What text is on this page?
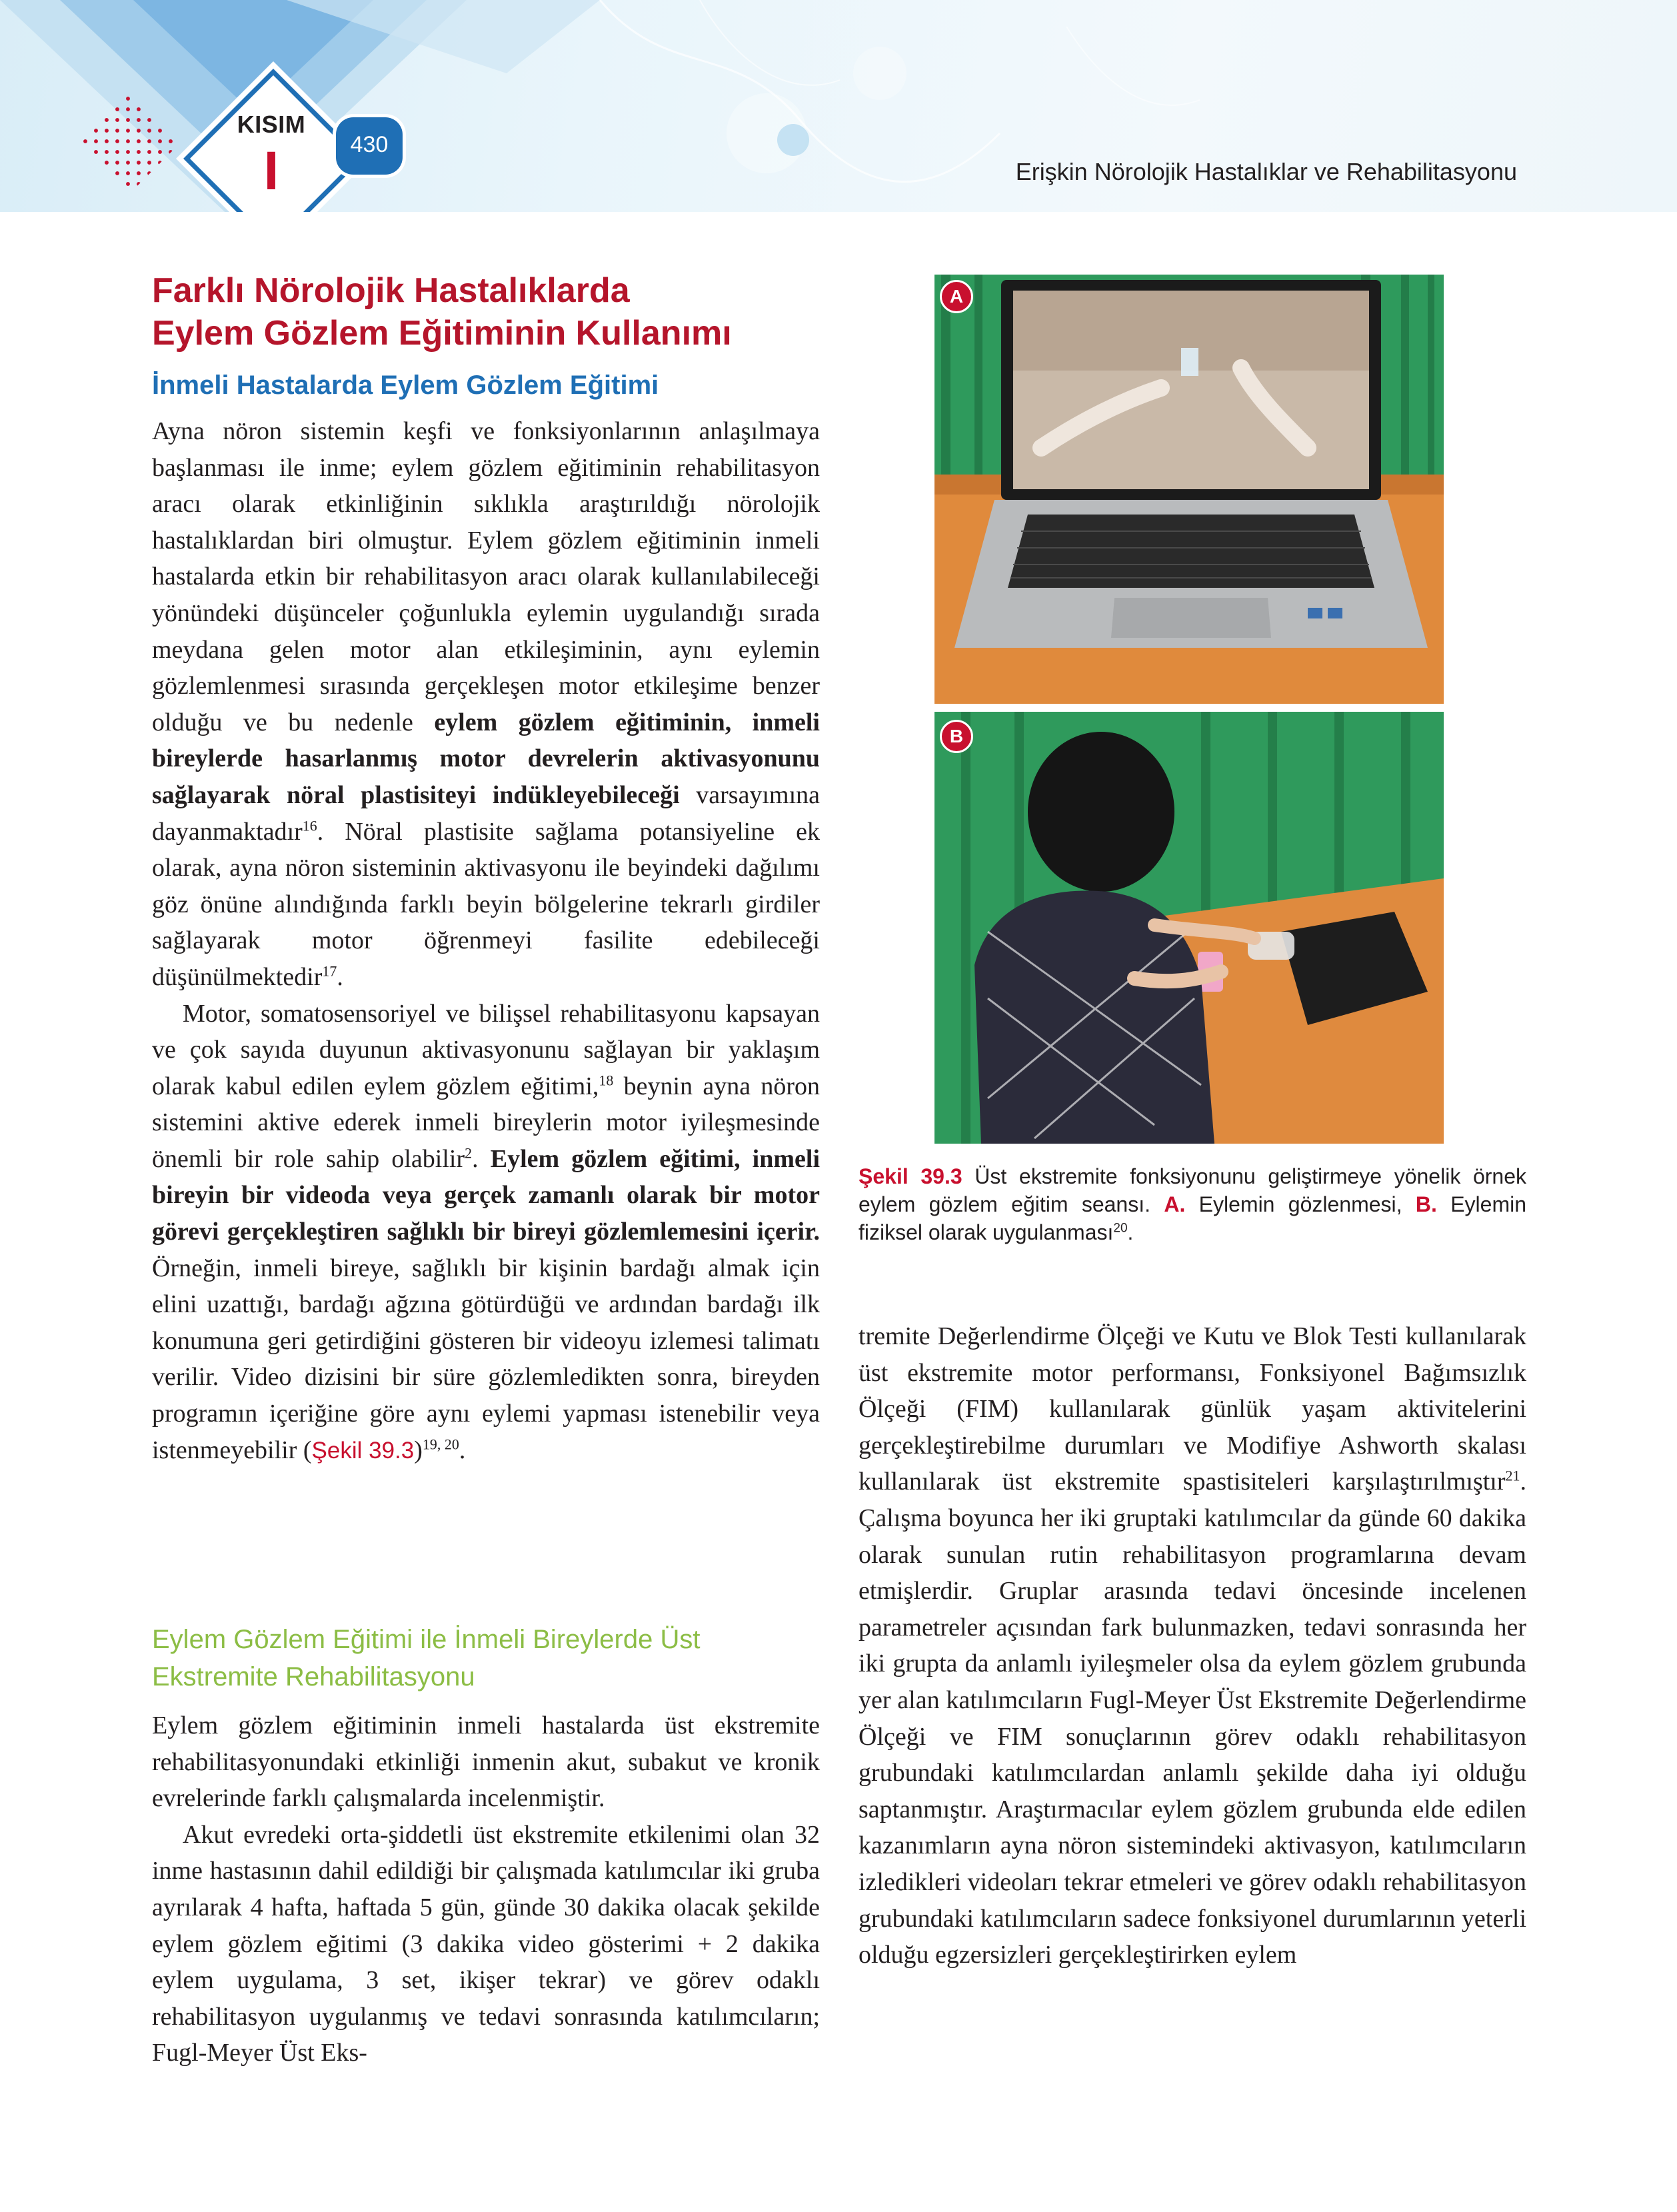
KISIM
I	430
Erişkin Nörolojik Hastalıklar ve Rehabilitasyonu
Farklı Nörolojik Hastalıklarda
Eylem Gözlem Eğitiminin Kullanımı
İnmeli Hastalarda Eylem Gözlem Eğitimi

Ayna nöron sistemin keşfi ve fonksiyonlarının anlaşılmaya başlanması ile inme; eylem gözlem eğitiminin rehabilitasyon aracı olarak etkinliğinin sıklıkla araştırıldığı nörolojik hastalıklardan biri olmuştur. Eylem gözlem eğitiminin inmeli hastalarda etkin bir rehabilitasyon aracı olarak kullanılabileceği yönündeki düşünceler çoğunlukla eylemin uygulandığı sırada meydana gelen motor alan etkileşiminin, aynı eylemin gözlemlenmesi sırasında gerçekleşen motor etkileşime benzer olduğu ve bu nedenle eylem gözlem eğitiminin, inmeli bireylerde hasarlanmış motor devrelerin aktivasyonunu sağlayarak nöral plastisiteyi indükleyebileceği varsayımına dayanmaktadır$^{16}$. Nöral plastisite sağlama potansiyeline ek olarak, ayna nöron sisteminin aktivasyonu ile beyindeki dağılımı göz önüne alındığında farklı beyin bölgelerine tekrarlı girdiler sağlayarak motor öğrenmeyi fasilite edebileceği düşünülmektedir$^{17}$.

Motor, somatosensoriyel ve bilişsel rehabilitasyonu kapsayan ve çok sayıda duyunun aktivasyonunu sağlayan bir yaklaşım olarak kabul edilen eylem gözlem eğitimi,$^{18}$ beynin ayna nöron sistemini aktive ederek inmeli bireylerin motor iyileşmesinde önemli bir role sahip olabilir$^2$. Eylem gözlem eğitimi, inmeli bireyin bir videoda veya gerçek zamanlı olarak bir motor görevi gerçekleştiren sağlıklı bir bireyi gözlemlemesini içerir. Örneğin, inmeli bireye, sağlıklı bir kişinin bardağı almak için elini uzattığı, bardağı ağzına götürdüğü ve ardından bardağı ilk konumuna geri getirdiğini gösteren bir videoyu izlemesi talimatı verilir. Video dizisini bir süre gözlemledikten sonra, bireyden programın içeriğine göre aynı eylemi yapması istenebilir veya istenmeyebilir (Şekil 39.3)$^{19, 20}$.

Eylem Gözlem Eğitimi ile İnmeli Bireylerde Üst
Ekstremite Rehabilitasyonu

Eylem gözlem eğitiminin inmeli hastalarda üst ekstremite rehabilitasyonundaki etkinliği inmenin akut, subakut ve kronik evrelerinde farklı çalışmalarda incelenmiştir.

Akut evredeki orta-şiddetli üst ekstremite etkilenimi olan 32 inme hastasının dahil edildiği bir çalışmada katılımcılar iki gruba ayrılarak 4 hafta, haftada 5 gün, günde 30 dakika olacak şekilde eylem gözlem eğitimi (3 dakika video gösterimi + 2 dakika eylem uygulama, 3 set, ikişer tekrar) ve görev odaklı rehabilitasyon uygulanmış ve tedavi sonrasında katılımcıların; Fugl-Meyer Üst Eks-

A
B
Şekil 39.3 Üst ekstremite fonksiyonunu geliştirmeye yönelik örnek eylem gözlem eğitim seansı. A. Eylemin gözlenmesi, B. Eylemin fiziksel olarak uygulanması$^{20}$.

tremite Değerlendirme Ölçeği ve Kutu ve Blok Testi kullanılarak üst ekstremite motor performansı, Fonksiyonel Bağımsızlık Ölçeği (FIM) kullanılarak günlük yaşam aktivitelerini gerçekleştirebilme durumları ve Modifiye Ashworth skalası kullanılarak üst ekstremite spastisiteleri karşılaştırılmıştır$^{21}$. Çalışma boyunca her iki gruptaki katılımcılar da günde 60 dakika olarak sunulan rutin rehabilitasyon programlarına devam etmişlerdir. Gruplar arasında tedavi öncesinde incelenen parametreler açısından fark bulunmazken, tedavi sonrasında her iki grupta da anlamlı iyileşmeler olsa da eylem gözlem grubunda yer alan katılımcıların Fugl-Meyer Üst Ekstremite Değerlendirme Ölçeği ve FIM sonuçlarının görev odaklı rehabilitasyon grubundaki katılımcılardan anlamlı şekilde daha iyi olduğu saptanmıştır. Araştırmacılar eylem gözlem grubunda elde edilen kazanımların ayna nöron sistemindeki aktivasyon, katılımcıların izledikleri videoları tekrar etmeleri ve görev odaklı rehabilitasyon grubundaki katılımcıların sadece fonksiyonel durumlarının yeterli olduğu egzersizleri gerçekleştirirken eylem
